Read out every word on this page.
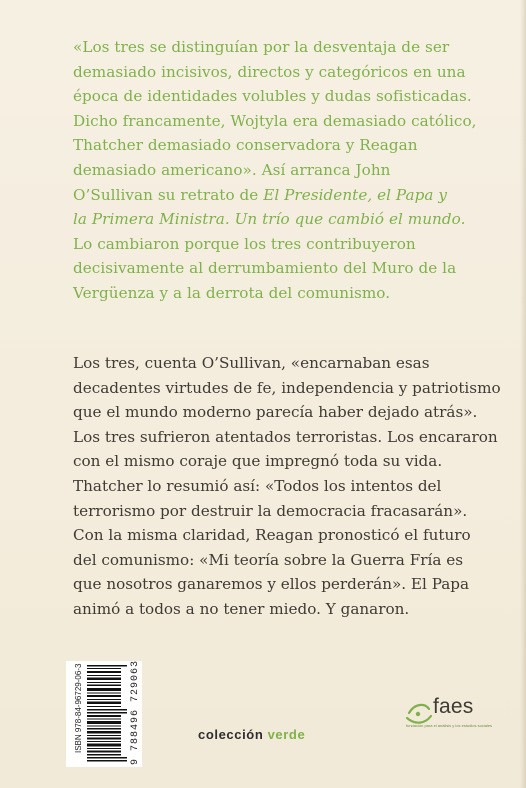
«Los tres se distinguían por la desventaja de ser
demasiado incisivos, directos y categóricos en una
época de identidades volubles y dudas sofisticadas.
Dicho francamente, Wojtyla era demasiado católico,
Thatcher demasiado conservadora y Reagan
demasiado americano». Así arranca John
O’Sullivan su retrato de El Presidente, el Papa y
la Primera Ministra. Un trío que cambió el mundo.
Lo cambiaron porque los tres contribuyeron
decisivamente al derrumbamiento del Muro de la
Vergüenza y a la derrota del comunismo.
Los tres, cuenta O’Sullivan, «encarnaban esas
decadentes virtudes de fe, independencia y patriotismo
que el mundo moderno parecía haber dejado atrás».
Los tres sufrieron atentados terroristas. Los encararon
con el mismo coraje que impregnó toda su vida.
Thatcher lo resumió así: «Todos los intentos del
terrorismo por destruir la democracia fracasarán».
Con la misma claridad, Reagan pronosticó el futuro
del comunismo: «Mi teoría sobre la Guerra Fría es
que nosotros ganaremos y ellos perderán». El Papa
animó a todos a no tener miedo. Y ganaron.
ISBN 978-84-96729-06-3	9 788496 729063	colección verde
faes
fundación para el análisis y los estudios sociales
